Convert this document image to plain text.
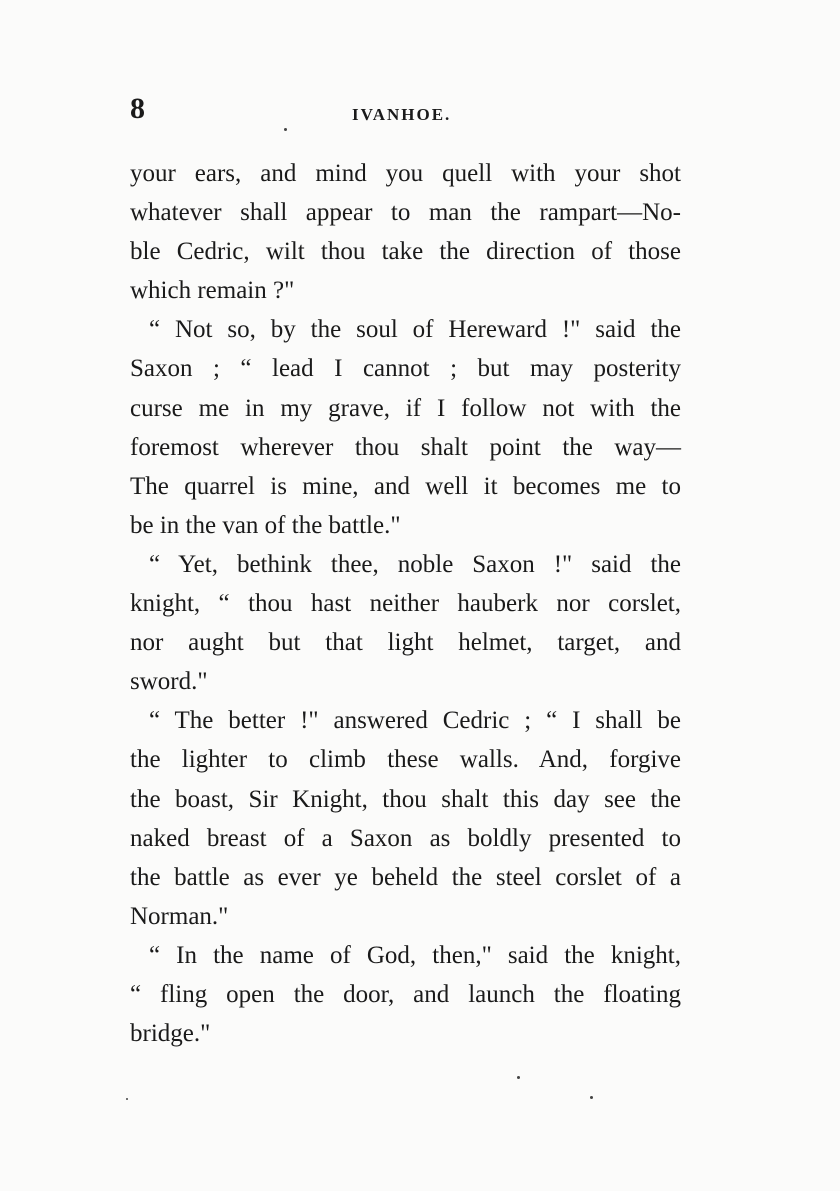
8	IVANHOE.
your ears, and mind you quell with your shot
whatever shall appear to man the rampart—No-
ble Cedric, wilt thou take the direction of those
which remain ?"
“ Not so, by the soul of Hereward !" said the
Saxon ; “ lead I cannot ; but may posterity
curse me in my grave, if I follow not with the
foremost wherever thou shalt point the way—
The quarrel is mine, and well it becomes me to
be in the van of the battle."
“ Yet, bethink thee, noble Saxon !" said the
knight, “ thou hast neither hauberk nor corslet,
nor aught but that light helmet, target, and
sword."
“ The better !" answered Cedric ; “ I shall be
the lighter to climb these walls. And, forgive
the boast, Sir Knight, thou shalt this day see the
naked breast of a Saxon as boldly presented to
the battle as ever ye beheld the steel corslet of a
Norman."
“ In the name of God, then," said the knight,
“ fling open the door, and launch the floating
bridge."
